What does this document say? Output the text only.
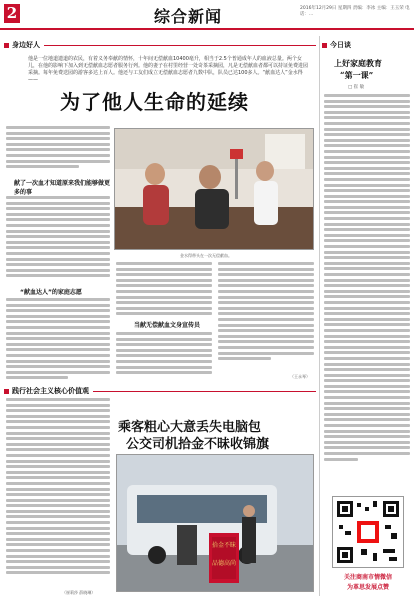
2	综合新闻	2016年12月29日 星期四 责编：李冰 主编：王玉荣 电话：...
身边好人
他是一位地道遗道的农民，有着义务奉献的情怀，十年间无偿献血10400毫升，相当于2.5个普通成年人的血液总量。两个女儿，在他的影响下加入到无偿献血志愿者服务行列。他的妻子在村里经营一处奇茶采摘园，凡是无偿献血者都可以持证免费进园采摘。每年免费送园的游客多达上百人。他还与工友们成立无偿献血志愿者九数中队，队员已达100多人。“献血达人”金水得——
为了他人生命的延续
献了一次血才知道原来我们能够做更多的事
“献血达人”的家庭志愿
金水得带头在一次无偿献血。
当献无偿献血文身宣传员
（王永琴）
践行社会主义核心价值观
（崔莉莎 薛晓琳）
乘客粗心大意丢失电脑包
公交司机拾金不昧收锦旗
拾金不昧
品德高尚
今日谈
上好家庭教育
“第一课”
□ 崔 敏
关注商南市情微信
为革思发展点赞
